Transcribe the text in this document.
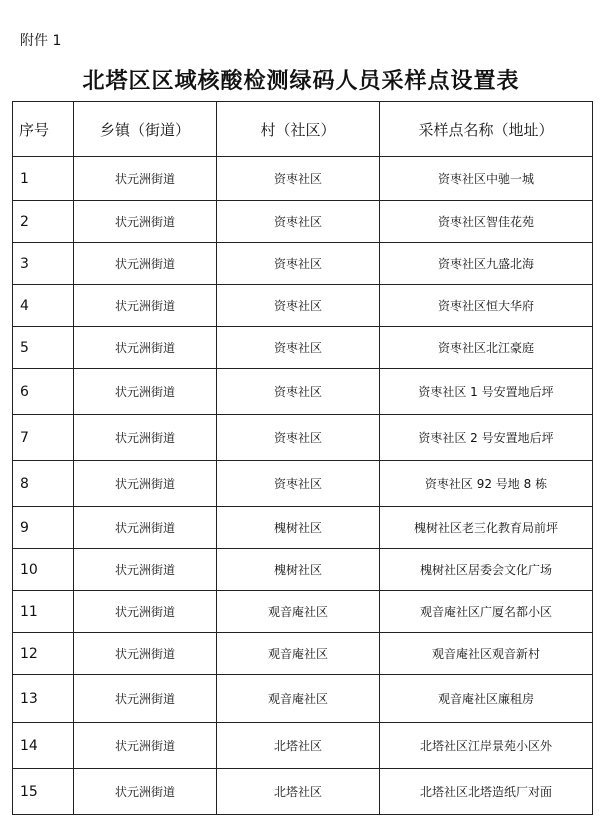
附件 1
北塔区区域核酸检测绿码人员采样点设置表
序号	乡镇（街道）	村（社区）	采样点名称（地址）
1	状元洲街道	资枣社区	资枣社区中驰一城
2	状元洲街道	资枣社区	资枣社区智佳花苑
3	状元洲街道	资枣社区	资枣社区九盛北海
4	状元洲街道	资枣社区	资枣社区恒大华府
5	状元洲街道	资枣社区	资枣社区北江豪庭
6	状元洲街道	资枣社区	资枣社区 1 号安置地后坪
7	状元洲街道	资枣社区	资枣社区 2 号安置地后坪
8	状元洲街道	资枣社区	资枣社区 92 号地 8 栋
9	状元洲街道	槐树社区	槐树社区老三化教育局前坪
10	状元洲街道	槐树社区	槐树社区居委会文化广场
11	状元洲街道	观音庵社区	观音庵社区广厦名都小区
12	状元洲街道	观音庵社区	观音庵社区观音新村
13	状元洲街道	观音庵社区	观音庵社区廉租房
14	状元洲街道	北塔社区	北塔社区江岸景苑小区外
15	状元洲街道	北塔社区	北塔社区北塔造纸厂对面
